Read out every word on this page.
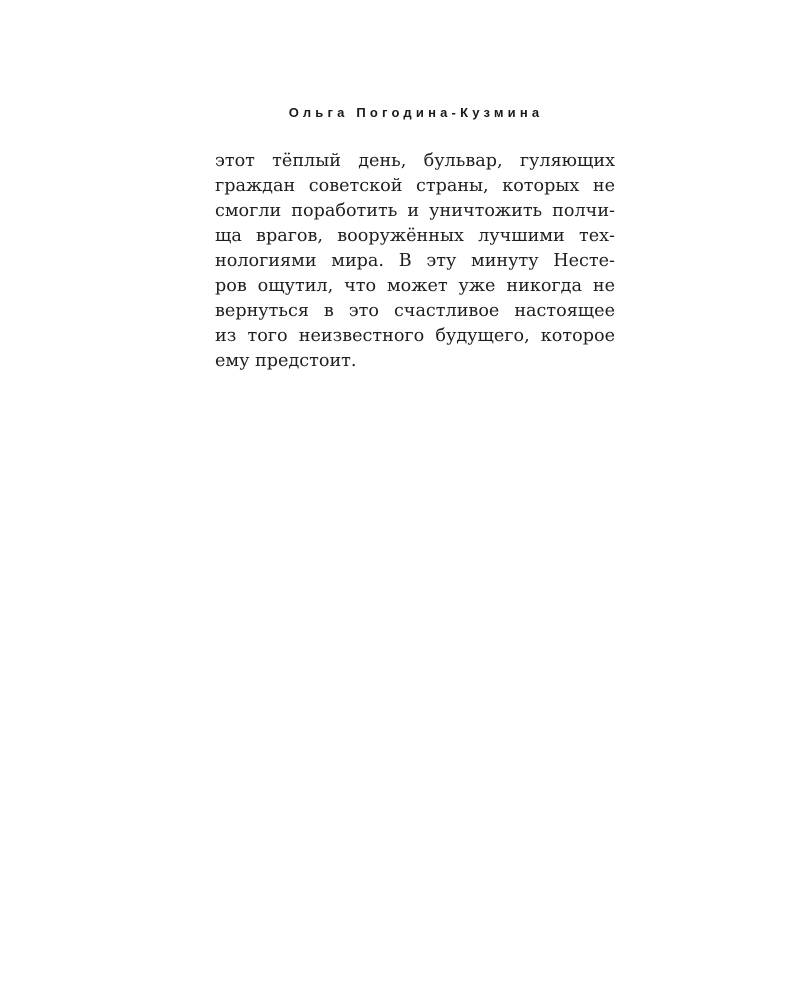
Ольга Погодина-Кузмина
этот тёплый день, бульвар, гуляющих
граждан советской страны, которых не
смогли поработить и уничтожить полчи-
ща врагов, вооружённых лучшими тех-
нологиями мира. В эту минуту Несте-
ров ощутил, что может уже никогда не
вернуться в это счастливое настоящее
из того неизвестного будущего, которое
ему предстоит.
